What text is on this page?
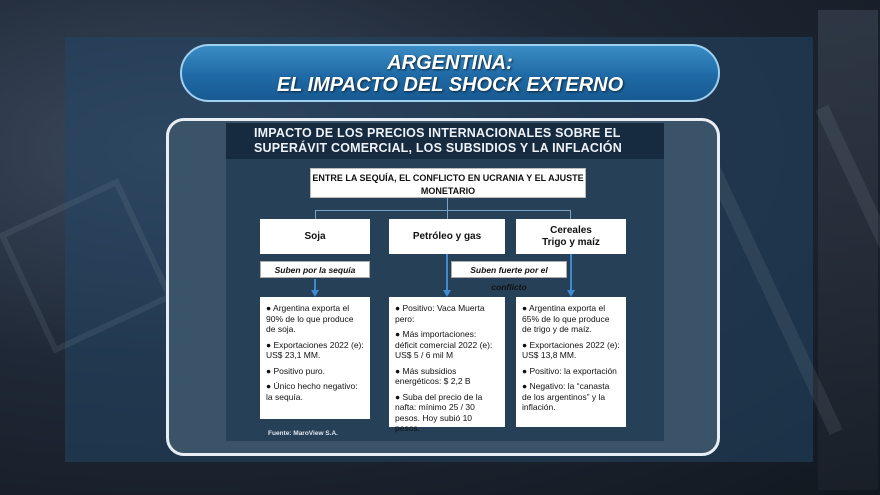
ARGENTINA:
EL IMPACTO DEL SHOCK EXTERNO
IMPACTO DE LOS PRECIOS INTERNACIONALES SOBRE EL
SUPERÁVIT COMERCIAL, LOS SUBSIDIOS Y LA INFLACIÓN
ENTRE LA SEQUÍA, EL CONFLICTO EN UCRANIA Y EL AJUSTE
MONETARIO
Soja	Petróleo y gas
Cereales
Trigo y maíz
Suben por la sequía	Suben fuerte por el conflicto
● Argentina exporta el 90% de lo que produce de soja.
● Exportaciones 2022 (e): US$ 23,1 MM.
● Positivo puro.
● Único hecho negativo: la sequía.
● Positivo: Vaca Muerta pero:
● Más importaciones: déficit comercial 2022 (e): US$ 5 / 6 mil M
● Más subsidios energéticos: $ 2,2 B
● Suba del precio de la nafta: mínimo 25 / 30 pesos. Hoy subió 10 pesos.
● Argentina exporta el 65% de lo que produce de trigo y de maíz.
● Exportaciones 2022 (e): US$ 13,8 MM.
● Positivo: la exportación
● Negativo: la “canasta de los argentinos” y la inflación.
Fuente: MaroView S.A.
